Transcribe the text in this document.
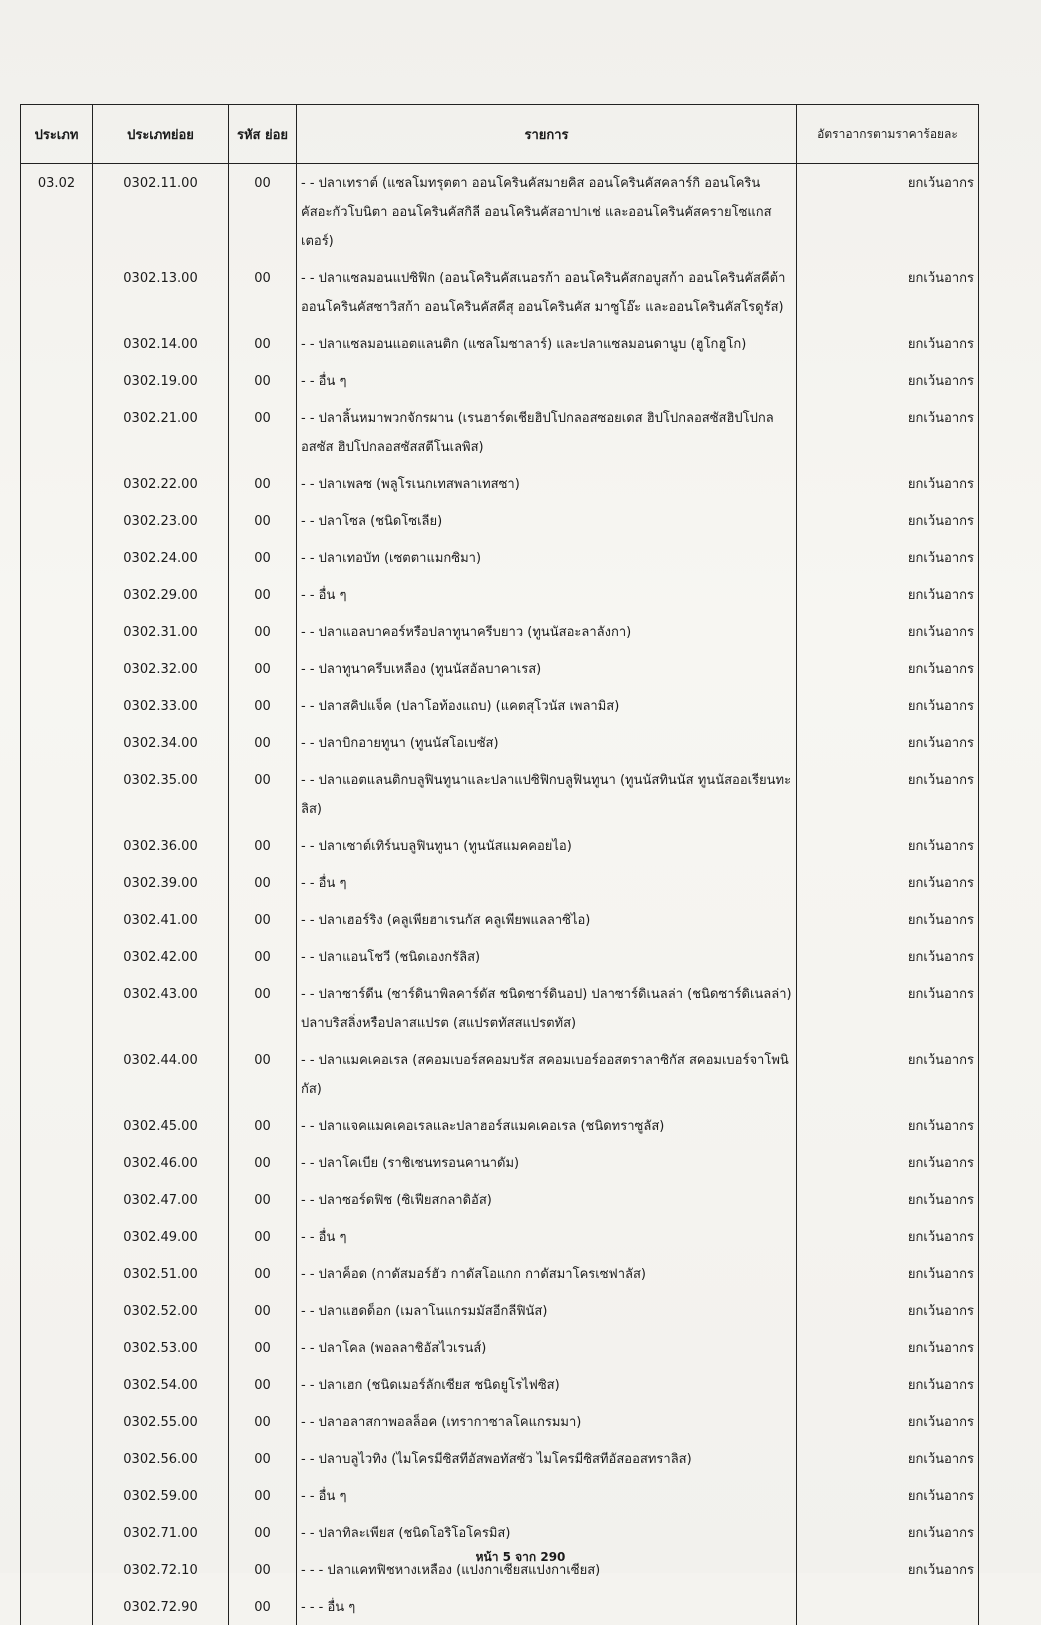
ประเภท	ประเภทย่อย	รหัส ย่อย	รายการ	อัตราอากรตามราคาร้อยละ
03.02	0302.11.00	00	- - ปลาเทราต์ (แซลโมทรุตตา ออนโครินคัสมายคิส ออนโครินคัสคลาร์กิ ออนโครินคัสอะกัวโบนิตา ออนโครินคัสกิลี ออนโครินคัสอาปาเช่ และออนโครินคัสครายโซแกสเตอร์)	ยกเว้นอากร
	0302.13.00	00	- - ปลาแซลมอนแปซิฟิก (ออนโครินคัสเนอรก้า ออนโครินคัสกอบูสก้า ออนโครินคัสคีต้า ออนโครินคัสซาวิสก้า ออนโครินคัสคีสุ ออนโครินคัส มาซูโอ๊ะ และออนโครินคัสโรดูรัส)	ยกเว้นอากร
	0302.14.00	00	- - ปลาแซลมอนแอตแลนติก (แซลโมซาลาร์) และปลาแซลมอนดานูบ (ฮูโกฮูโก)	ยกเว้นอากร
	0302.19.00	00	- - อื่น ๆ	ยกเว้นอากร
	0302.21.00	00	- - ปลาลิ้นหมาพวกจักรผาน (เรนฮาร์ดเชียฮิปโปกลอสซอยเดส ฮิปโปกลอสซัสฮิปโปกลอสซัส ฮิปโปกลอสซัสสตีโนเลพิส)	ยกเว้นอากร
	0302.22.00	00	- - ปลาเพลซ (พลูโรเนกเทสพลาเทสซา)	ยกเว้นอากร
	0302.23.00	00	- - ปลาโซล (ชนิดโซเลีย)	ยกเว้นอากร
	0302.24.00	00	- - ปลาเทอบัท (เซตตาแมกซิมา)	ยกเว้นอากร
	0302.29.00	00	- - อื่น ๆ	ยกเว้นอากร
	0302.31.00	00	- - ปลาแอลบาคอร์หรือปลาทูนาครีบยาว (ทูนนัสอะลาลังกา)	ยกเว้นอากร
	0302.32.00	00	- - ปลาทูนาครีบเหลือง (ทูนนัสอัลบาคาเรส)	ยกเว้นอากร
	0302.33.00	00	- - ปลาสคิปแจ็ค (ปลาโอท้องแถบ) (แคตสุโวนัส เพลามิส)	ยกเว้นอากร
	0302.34.00	00	- - ปลาบิกอายทูนา (ทูนนัสโอเบซัส)	ยกเว้นอากร
	0302.35.00	00	- - ปลาแอตแลนติกบลูฟินทูนาและปลาแปซิฟิกบลูฟินทูนา (ทูนนัสทินนัส ทูนนัสออเรียนทะลิส)	ยกเว้นอากร
	0302.36.00	00	- - ปลาเซาต์เทิร์นบลูฟินทูนา (ทูนนัสแมคคอยไอ)	ยกเว้นอากร
	0302.39.00	00	- - อื่น ๆ	ยกเว้นอากร
	0302.41.00	00	- - ปลาเฮอร์ริง (คลูเพียฮาเรนกัส คลูเพียพแลลาซิไอ)	ยกเว้นอากร
	0302.42.00	00	- - ปลาแอนโชวี (ชนิดเองกรัลิส)	ยกเว้นอากร
	0302.43.00	00	- - ปลาซาร์ดีน (ซาร์ดินาพิลคาร์ดัส ชนิดซาร์ดินอป) ปลาซาร์ดิเนลล่า (ชนิดซาร์ดิเนลล่า) ปลาบริสลิ่งหรือปลาสแปรต (สแปรตทัสสแปรตทัส)	ยกเว้นอากร
	0302.44.00	00	- - ปลาแมคเคอเรล (สคอมเบอร์สคอมบรัส สคอมเบอร์ออสตราลาซิกัส สคอมเบอร์จาโพนิกัส)	ยกเว้นอากร
	0302.45.00	00	- - ปลาแจคแมคเคอเรลและปลาฮอร์สแมคเคอเรล (ชนิดทราซูลัส)	ยกเว้นอากร
	0302.46.00	00	- - ปลาโคเบีย (ราชิเซนทรอนคานาดัม)	ยกเว้นอากร
	0302.47.00	00	- - ปลาซอร์ดฟิช (ซิเฟียสกลาดิอัส)	ยกเว้นอากร
	0302.49.00	00	- - อื่น ๆ	ยกเว้นอากร
	0302.51.00	00	- - ปลาค็อด (กาดัสมอร์ฮัว กาดัสโอแกก กาดัสมาโครเซฟาลัส)	ยกเว้นอากร
	0302.52.00	00	- - ปลาแฮดด็อก (เมลาโนแกรมมัสอีกลีฟินัส)	ยกเว้นอากร
	0302.53.00	00	- - ปลาโคล (พอลลาชิอัสไวเรนส์)	ยกเว้นอากร
	0302.54.00	00	- - ปลาเฮก (ชนิดเมอร์ลักเซียส ชนิดยูโรไฟซิส)	ยกเว้นอากร
	0302.55.00	00	- - ปลาอลาสกาพอลล็อค (เทรากาซาลโคแกรมมา)	ยกเว้นอากร
	0302.56.00	00	- - ปลาบลูไวทิง (ไมโครมีซิสทีอัสพอทัสซัว ไมโครมีซิสทีอัสออสทราลิส)	ยกเว้นอากร
	0302.59.00	00	- - อื่น ๆ	ยกเว้นอากร
	0302.71.00	00	- - ปลาทิละเพียส (ชนิดโอริโอโครมิส)	ยกเว้นอากร
	0302.72.10	00	- - - ปลาแคทฟิชหางเหลือง (แปงกาเซียสแปงกาเซียส)	ยกเว้นอากร
	0302.72.90	00	- - - อื่น ๆ	
หน้า 5 จาก 290
